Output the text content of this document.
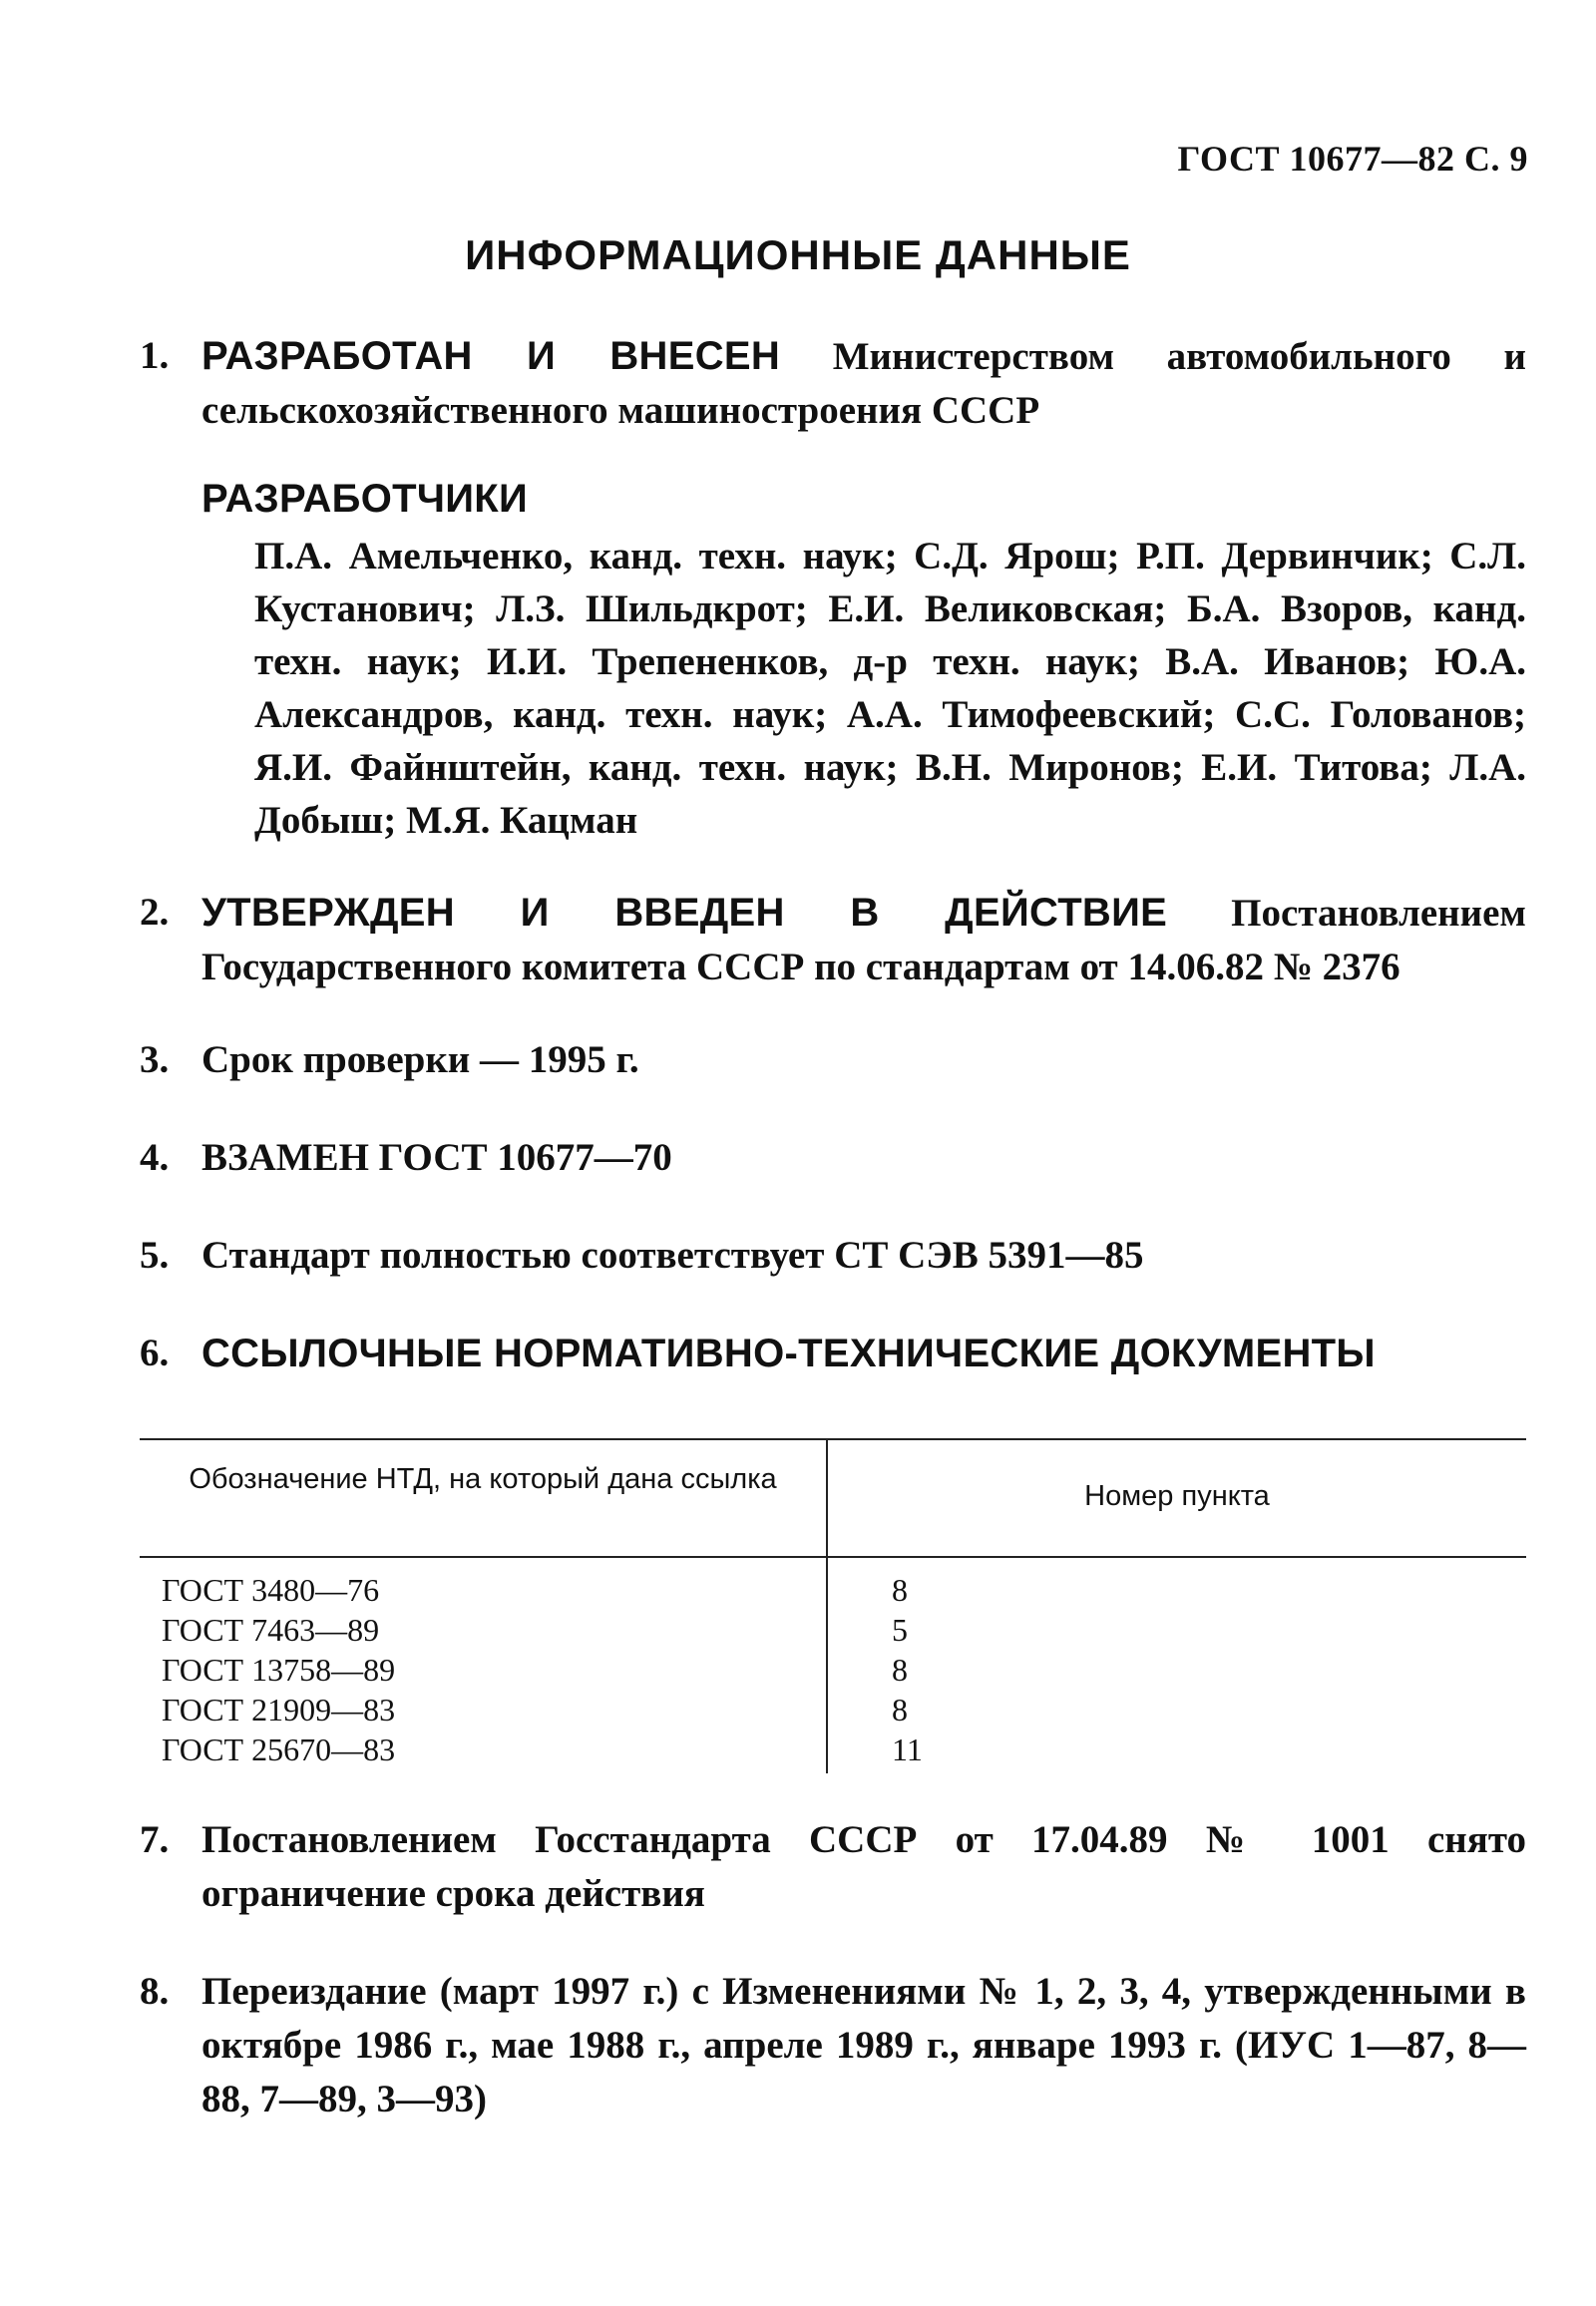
ГОСТ 10677—82 С. 9
ИНФОРМАЦИОННЫЕ ДАННЫЕ
1. РАЗРАБОТАН И ВНЕСЕН Министерством автомобильного и сельскохозяйственного машиностроения СССР
РАЗРАБОТЧИКИ
П.А. Амельченко, канд. техн. наук; С.Д. Ярош; Р.П. Дервинчик; С.Л. Кустанович; Л.З. Шильдкрот; Е.И. Великовская; Б.А. Взоров, канд. техн. наук; И.И. Трепененков, д-р техн. наук; В.А. Иванов; Ю.А. Александров, канд. техн. наук; А.А. Тимофеевский; С.С. Голованов; Я.И. Файнштейн, канд. техн. наук; В.Н. Миронов; Е.И. Титова; Л.А. Добыш; М.Я. Кацман
2. УТВЕРЖДЕН И ВВЕДЕН В ДЕЙСТВИЕ Постановлением Государственного комитета СССР по стандартам от 14.06.82 № 2376
3. Срок проверки — 1995 г.
4. ВЗАМЕН ГОСТ 10677—70
5. Стандарт полностью соответствует СТ СЭВ 5391—85
6. ССЫЛОЧНЫЕ НОРМАТИВНО-ТЕХНИЧЕСКИЕ ДОКУМЕНТЫ
Обозначение НТД, на который дана ссылка
Номер пункта
ГОСТ 3480—76
ГОСТ 7463—89
ГОСТ 13758—89
ГОСТ 21909—83
ГОСТ 25670—83
8
5
8
8
11
7. Постановлением Госстандарта СССР от 17.04.89 № 1001 снято ограничение срока действия
8. Переиздание (март 1997 г.) с Изменениями № 1, 2, 3, 4, утвержденными в октябре 1986 г., мае 1988 г., апреле 1989 г., январе 1993 г. (ИУС 1—87, 8—88, 7—89, 3—93)
